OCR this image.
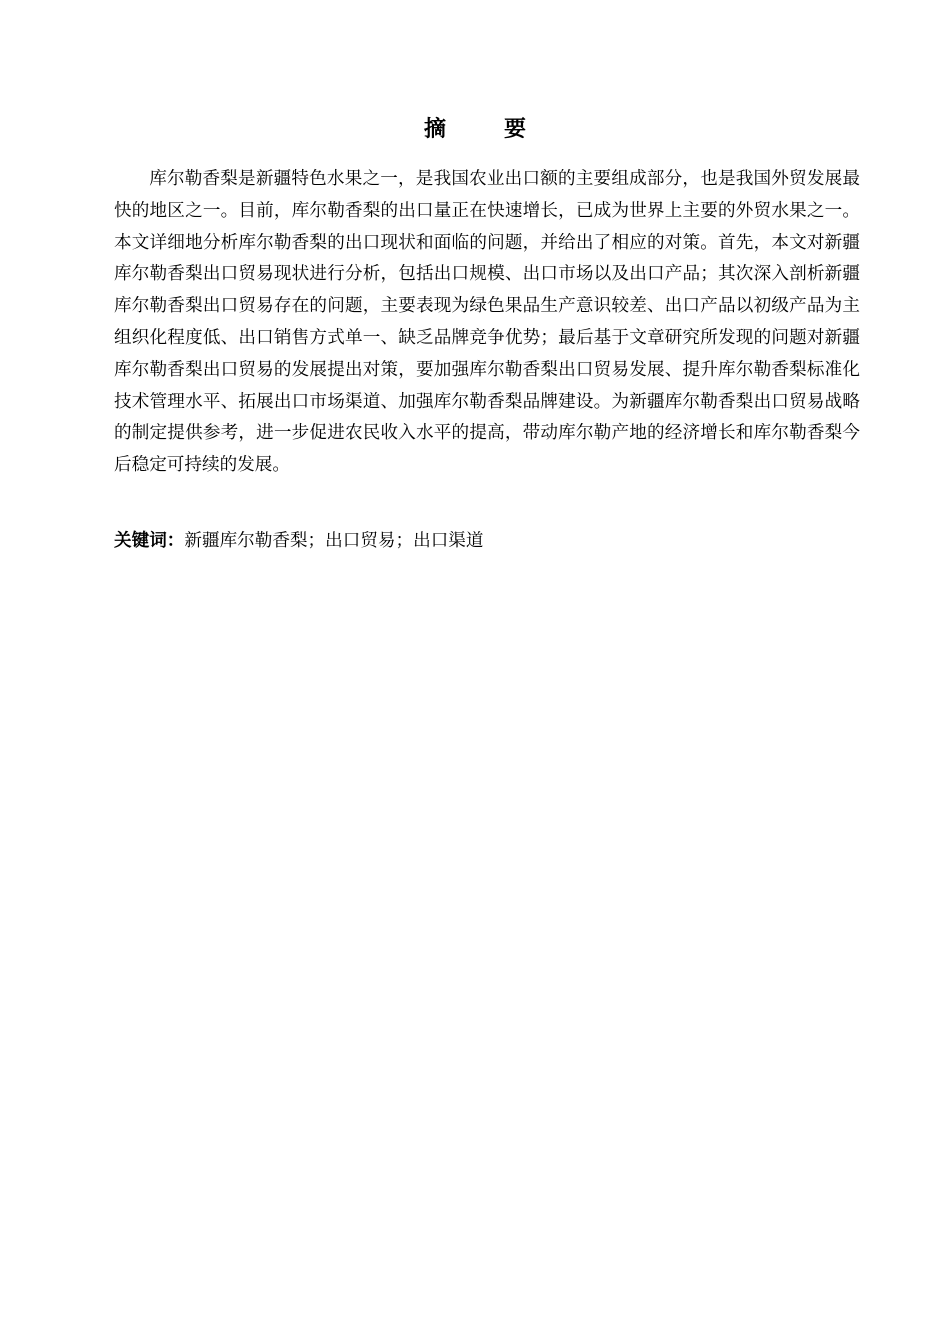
摘　要

库尔勒香梨是新疆特色水果之一，是我国农业出口额的主要组成部分，也是我国外贸发展最快的地区之一。目前，库尔勒香梨的出口量正在快速增长，已成为世界上主要的外贸水果之一。本文详细地分析库尔勒香梨的出口现状和面临的问题，并给出了相应的对策。首先，本文对新疆库尔勒香梨出口贸易现状进行分析，包括出口规模、出口市场以及出口产品；其次深入剖析新疆库尔勒香梨出口贸易存在的问题，主要表现为绿色果品生产意识较差、出口产品以初级产品为主组织化程度低、出口销售方式单一、缺乏品牌竞争优势；最后基于文章研究所发现的问题对新疆库尔勒香梨出口贸易的发展提出对策，要加强库尔勒香梨出口贸易发展、提升库尔勒香梨标准化技术管理水平、拓展出口市场渠道、加强库尔勒香梨品牌建设。为新疆库尔勒香梨出口贸易战略的制定提供参考，进一步促进农民收入水平的提高，带动库尔勒产地的经济增长和库尔勒香梨今后稳定可持续的发展。

关键词：新疆库尔勒香梨；出口贸易；出口渠道
